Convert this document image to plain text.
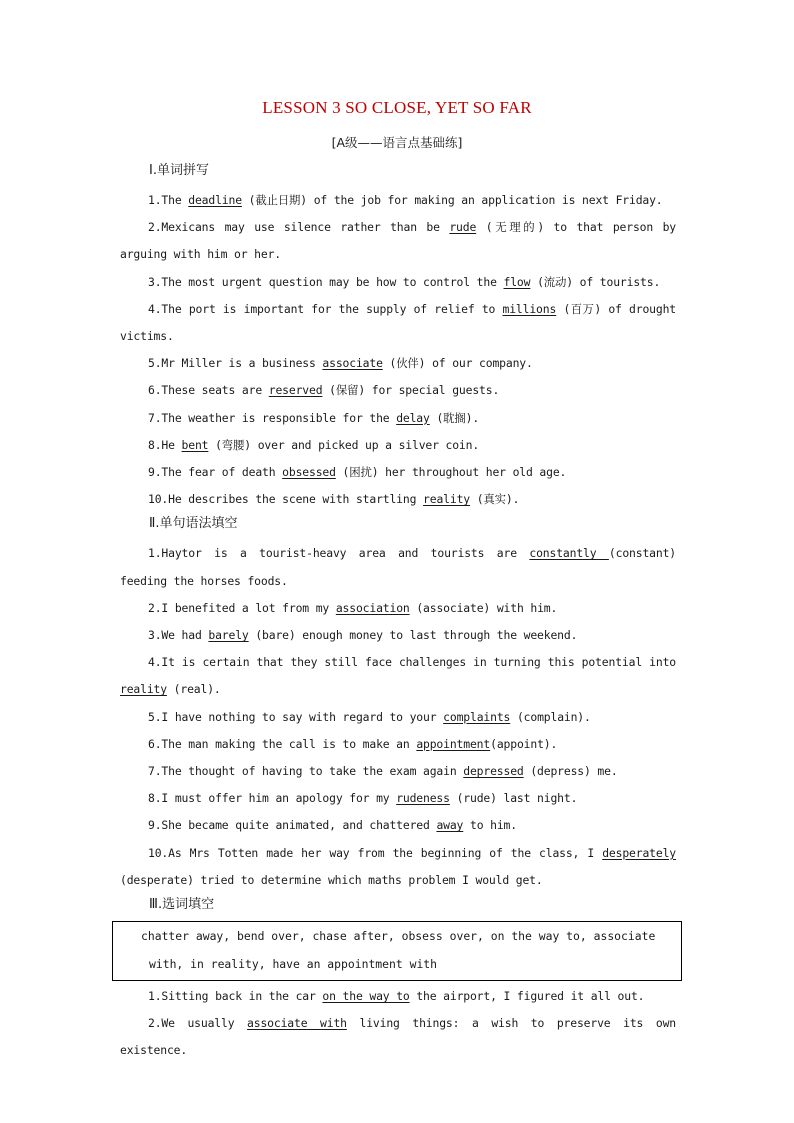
LESSON 3 SO CLOSE, YET SO FAR
[A级——语言点基础练]
Ⅰ.单词拼写
1.The deadline (截止日期) of the job for making an application is next Friday.
2.Mexicans may use silence rather than be rude (无理的) to that person by arguing with him or her.
3.The most urgent question may be how to control the flow (流动) of tourists.
4.The port is important for the supply of relief to millions (百万) of drought victims.
5.Mr Miller is a business associate (伙伴) of our company.
6.These seats are reserved (保留) for special guests.
7.The weather is responsible for the delay (耽搁).
8.He bent (弯腰) over and picked up a silver coin.
9.The fear of death obsessed (困扰) her throughout her old age.
10.He describes the scene with startling reality (真实).
Ⅱ.单句语法填空
1.Haytor is a tourist-heavy area and tourists are constantly (constant) feeding the horses foods.
2.I benefited a lot from my association (associate) with him.
3.We had barely (bare) enough money to last through the weekend.
4.It is certain that they still face challenges in turning this potential into reality (real).
5.I have nothing to say with regard to your complaints (complain).
6.The man making the call is to make an appointment(appoint).
7.The thought of having to take the exam again depressed (depress) me.
8.I must offer him an apology for my rudeness (rude) last night.
9.She became quite animated, and chattered away to him.
10.As Mrs Totten made her way from the beginning of the class, I desperately (desperate) tried to determine which maths problem I would get.
Ⅲ.选词填空
chatter away, bend over, chase after, obsess over, on the way to, associate with, in reality, have an appointment with
1.Sitting back in the car on the way to the airport, I figured it all out.
2.We usually associate with living things: a wish to preserve its own existence.
